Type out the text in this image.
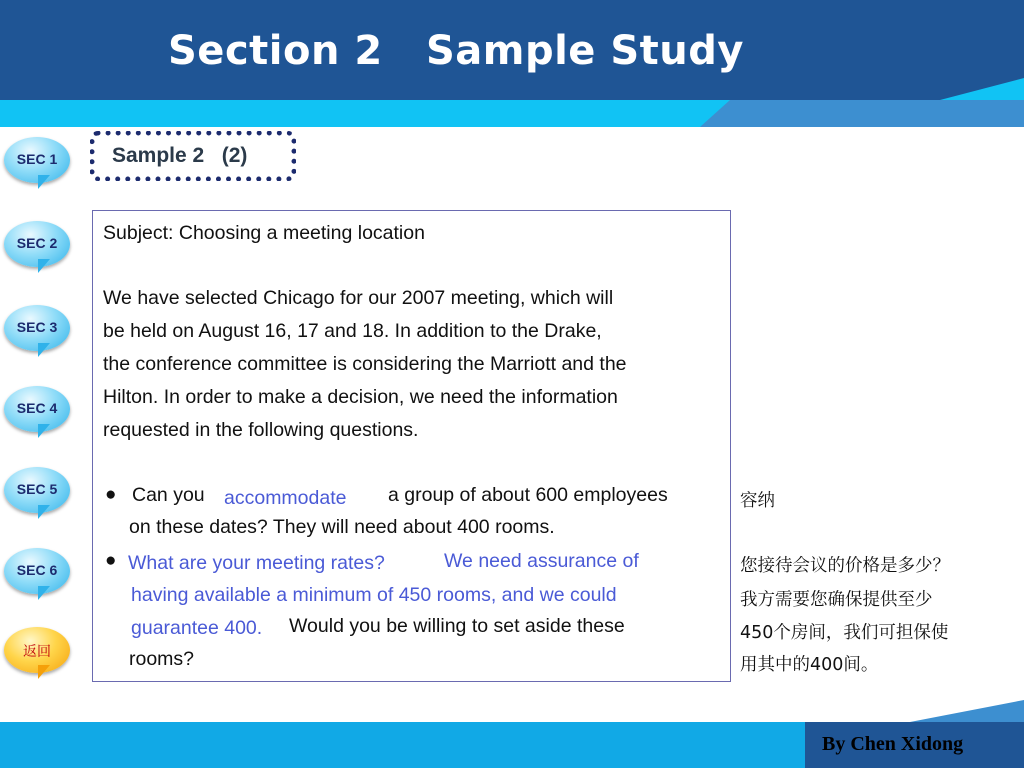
Section 2   Sample Study
SEC 1
SEC 2
SEC 3
SEC 4
SEC 5
SEC 6
返回
Sample 2   (2)
Subject: Choosing a meeting location
We have selected Chicago for our 2007 meeting, which will
be held on August 16, 17 and 18. In addition to the Drake,
the conference committee is considering the Marriott and the
Hilton. In order to make a decision, we need the information
requested in the following questions.
● Can you accommodate a group of about 600 employees
on these dates? They will need about 400 rooms.
● What are your meeting rates?	We need assurance of
having available a minimum of 450 rooms, and we could
guarantee 400. Would you be willing to set aside these
rooms?
容纳
您接待会议的价格是多少？
我方需要您确保提供至少
450个房间，我们可担保使
用其中的400间。
By Chen Xidong
